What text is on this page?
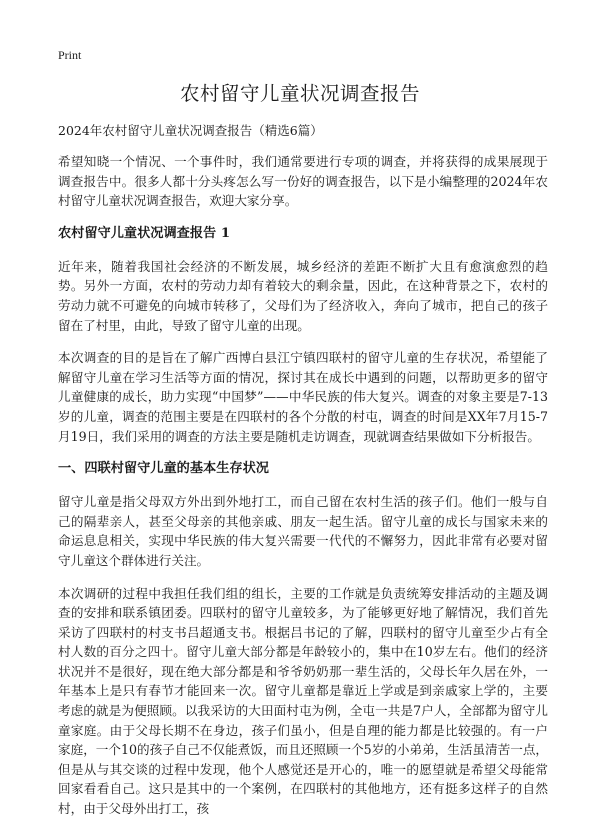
Print
农村留守儿童状况调查报告

2024年农村留守儿童状况调查报告（精选6篇）

希望知晓一个情况、一个事件时，我们通常要进行专项的调查，并将获得的成果展现于调查报告中。很多人都十分头疼怎么写一份好的调查报告，以下是小编整理的2024年农村留守儿童状况调查报告，欢迎大家分享。

农村留守儿童状况调查报告 1

近年来，随着我国社会经济的不断发展，城乡经济的差距不断扩大且有愈演愈烈的趋势。另外一方面，农村的劳动力却有着较大的剩余量，因此，在这种背景之下，农村的劳动力就不可避免的向城市转移了，父母们为了经济收入，奔向了城市，把自己的孩子留在了村里，由此，导致了留守儿童的出现。

本次调查的目的是旨在了解广西博白县江宁镇四联村的留守儿童的生存状况，希望能了解留守儿童在学习生活等方面的情况，探讨其在成长中遇到的问题，以帮助更多的留守儿童健康的成长，助力实现“中国梦”——中华民族的伟大复兴。调查的对象主要是7-13岁的儿童，调查的范围主要是在四联村的各个分散的村屯，调查的时间是XX年7月15-7月19日，我们采用的调查的方法主要是随机走访调查，现就调查结果做如下分析报告。

一、四联村留守儿童的基本生存状况

留守儿童是指父母双方外出到外地打工，而自己留在农村生活的孩子们。他们一般与自己的隔辈亲人，甚至父母亲的其他亲戚、朋友一起生活。留守儿童的成长与国家未来的命运息息相关，实现中华民族的伟大复兴需要一代代的不懈努力，因此非常有必要对留守儿童这个群体进行关注。

本次调研的过程中我担任我们组的组长，主要的工作就是负责统筹安排活动的主题及调查的安排和联系镇团委。四联村的留守儿童较多，为了能够更好地了解情况，我们首先采访了四联村的村支书吕超通支书。根据吕书记的了解，四联村的留守儿童至少占有全村人数的百分之四十。留守儿童大部分都是年龄较小的，集中在10岁左右。他们的经济状况并不是很好，现在绝大部分都是和爷爷奶奶那一辈生活的，父母长年久居在外，一年基本上是只有春节才能回来一次。留守儿童都是靠近上学或是到亲戚家上学的，主要考虑的就是为便照顾。以我采访的大田面村屯为例，全屯一共是7户人，全部都为留守儿童家庭。由于父母长期不在身边，孩子们虽小，但是自理的能力都是比较强的。有一户家庭，一个10的孩子自己不仅能煮饭，而且还照顾一个5岁的小弟弟，生活虽清苦一点，但是从与其交谈的过程中发现，他个人感觉还是开心的，唯一的愿望就是希望父母能常回家看看自己。这只是其中的一个案例，在四联村的其他地方，还有挺多这样子的自然村，由于父母外出打工，孩
